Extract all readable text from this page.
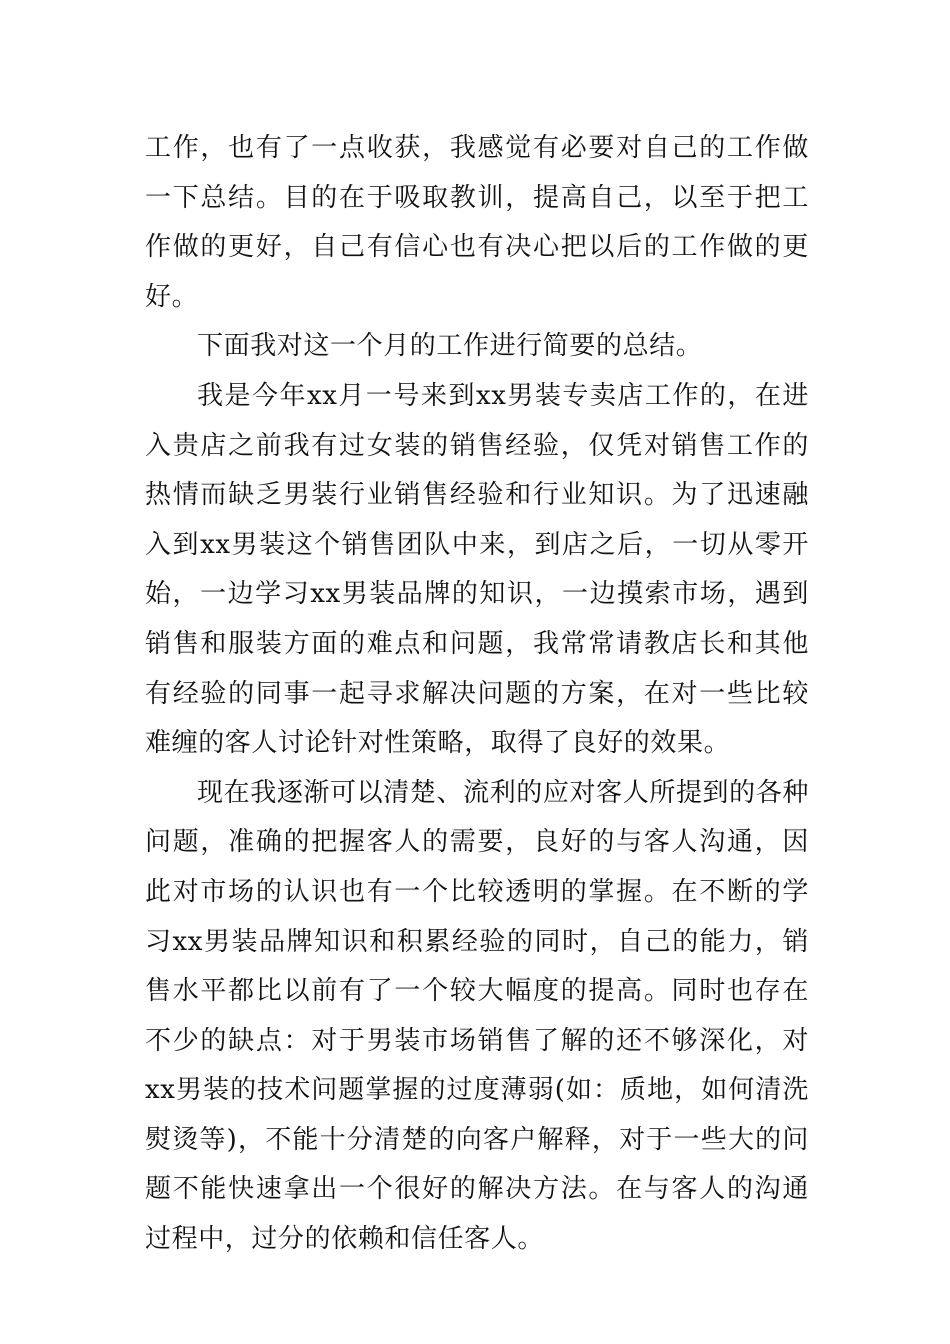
工作，也有了一点收获，我感觉有必要对自己的工作做一下总结。目的在于吸取教训，提高自己，以至于把工作做的更好，自己有信心也有决心把以后的工作做的更好。

下面我对这一个月的工作进行简要的总结。

我是今年xx月一号来到xx男装专卖店工作的，在进入贵店之前我有过女装的销售经验，仅凭对销售工作的热情而缺乏男装行业销售经验和行业知识。为了迅速融入到xx男装这个销售团队中来，到店之后，一切从零开始，一边学习xx男装品牌的知识，一边摸索市场，遇到销售和服装方面的难点和问题，我常常请教店长和其他有经验的同事一起寻求解决问题的方案，在对一些比较难缠的客人讨论针对性策略，取得了良好的效果。

现在我逐渐可以清楚、流利的应对客人所提到的各种问题，准确的把握客人的需要，良好的与客人沟通，因此对市场的认识也有一个比较透明的掌握。在不断的学习xx男装品牌知识和积累经验的同时，自己的能力，销售水平都比以前有了一个较大幅度的提高。同时也存在不少的缺点：对于男装市场销售了解的还不够深化，对xx男装的技术问题掌握的过度薄弱(如：质地，如何清洗熨烫等)，不能十分清楚的向客户解释，对于一些大的问题不能快速拿出一个很好的解决方法。在与客人的沟通过程中，过分的依赖和信任客人。
